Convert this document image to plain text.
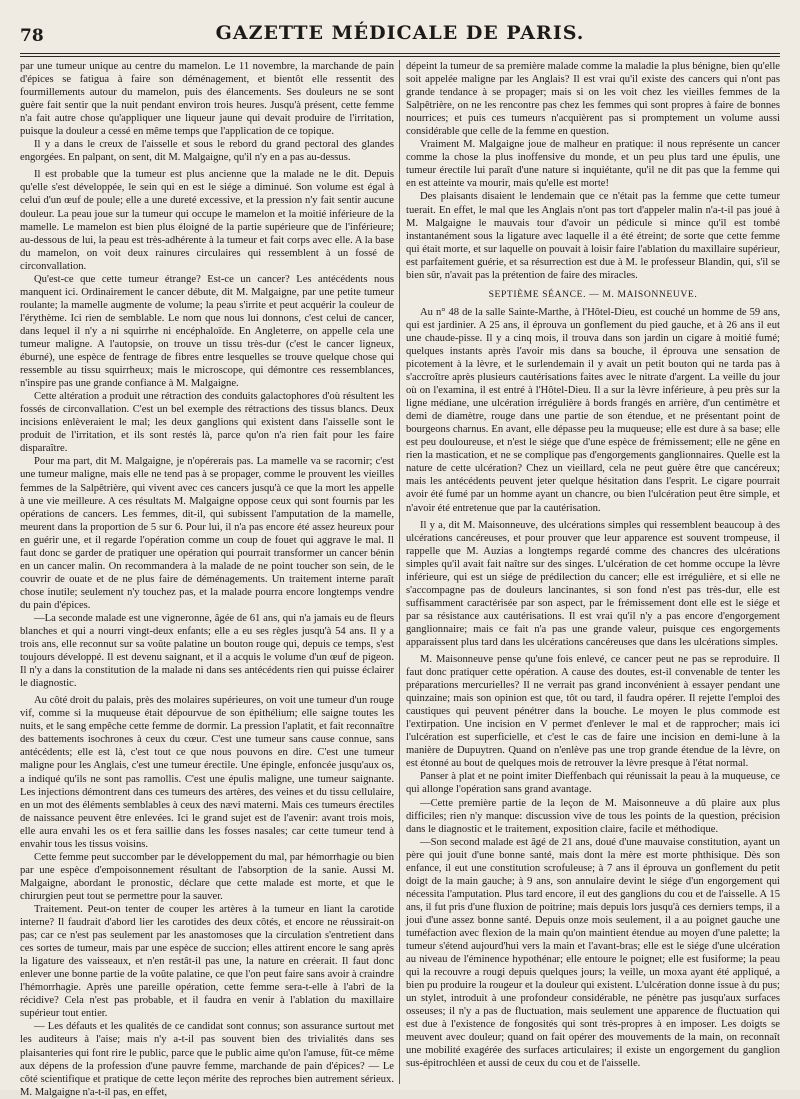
78	GAZETTE MÉDICALE DE PARIS.

par une tumeur unique au centre du mamelon. Le 11 novembre, la marchande de pain d'épices se fatigua à faire son déménagement, et bientôt elle ressentit des fourmillements autour du mamelon, puis des élancements. Ses douleurs ne se sont guère fait sentir que la nuit pendant environ trois heures. Jusqu'à présent, cette femme n'a fait autre chose qu'appliquer une liqueur jaune qui devait produire de l'irritation, puisque la douleur a cessé en même temps que l'application de ce topique.

Il y a dans le creux de l'aisselle et sous le rebord du grand pectoral des glandes engorgées. En palpant, on sent, dit M. Malgaigne, qu'il n'y en a pas au-dessus.

Il est probable que la tumeur est plus ancienne que la malade ne le dit. Depuis qu'elle s'est développée, le sein qui en est le siége a diminué. Son volume est égal à celui d'un œuf de poule; elle a une dureté excessive, et la pression n'y fait sentir aucune douleur. La peau joue sur la tumeur qui occupe le mamelon et la moitié inférieure de la mamelle. Le mamelon est bien plus éloigné de la partie supérieure que de l'inférieure; au-dessous de lui, la peau est très-adhérente à la tumeur et fait corps avec elle. A la base du mamelon, on voit deux rainures circulaires qui ressemblent à un fossé de circonvallation.

Qu'est-ce que cette tumeur étrange? Est-ce un cancer? Les antécédents nous manquent ici. Ordinairement le cancer débute, dit M. Malgaigne, par une petite tumeur roulante; la mamelle augmente de volume; la peau s'irrite et peut acquérir la couleur de l'érythème. Ici rien de semblable. Le nom que nous lui donnons, c'est celui de cancer, dans lequel il n'y a ni squirrhe ni encéphaloïde. En Angleterre, on appelle cela une tumeur maligne. A l'autopsie, on trouve un tissu très-dur (c'est le cancer ligneux, éburné), une espèce de fentrage de fibres entre lesquelles se trouve quelque chose qui ressemble au tissu squirrheux; mais le microscope, qui démontre ces ressemblances, n'inspire pas une grande confiance à M. Malgaigne.

Cette altération a produit une rétraction des conduits galactophores d'où résultent les fossés de circonvallation. C'est un bel exemple des rétractions des tissus blancs. Deux incisions enlèveraient le mal; les deux ganglions qui existent dans l'aisselle sont le produit de l'irritation, et ils sont restés là, parce qu'on n'a rien fait pour les faire disparaître.

Pour ma part, dit M. Malgaigne, je n'opérerais pas. La mamelle va se racornir; c'est une tumeur maligne, mais elle ne tend pas à se propager, comme le prouvent les vieilles femmes de la Salpêtrière, qui vivent avec ces cancers jusqu'à ce que la mort les appelle à une vie meilleure. A ces résultats M. Malgaigne oppose ceux qui sont fournis par les opérations de cancers. Les femmes, dit-il, qui subissent l'amputation de la mamelle, meurent dans la proportion de 5 sur 6. Pour lui, il n'a pas encore été assez heureux pour en guérir une, et il regarde l'opération comme un coup de fouet qui aggrave le mal. Il faut donc se garder de pratiquer une opération qui pourrait transformer un cancer bénin en un cancer malin. On recommandera à la malade de ne point toucher son sein, de le couvrir de ouate et de ne plus faire de déménagements. Un traitement interne paraît chose inutile; seulement n'y touchez pas, et la malade pourra encore longtemps vendre du pain d'épices.

—La seconde malade est une vigneronne, âgée de 61 ans, qui n'a jamais eu de fleurs blanches et qui a nourri vingt-deux enfants; elle a eu ses règles jusqu'à 54 ans. Il y a trois ans, elle reconnut sur sa voûte palatine un bouton rouge qui, depuis ce temps, s'est toujours développé. Il est devenu saignant, et il a acquis le volume d'un œuf de pigeon. Il n'y a dans la constitution de la malade ni dans ses antécédents rien qui puisse éclairer le diagnostic.

Au côté droit du palais, près des molaires supérieures, on voit une tumeur d'un rouge vif, comme si la muqueuse était dépourvue de son épithélium; elle saigne toutes les nuits, et le sang empêche cette femme de dormir. La pression l'aplatit, et fait reconnaître des battements isochrones à ceux du cœur. C'est une tumeur sans cause connue, sans antécédents; elle est là, c'est tout ce que nous pouvons en dire. C'est une tumeur maligne pour les Anglais, c'est une tumeur érectile. Une épingle, enfoncée jusqu'aux os, a indiqué qu'ils ne sont pas ramollis. C'est une épulis maligne, une tumeur saignante. Les injections démontrent dans ces tumeurs des artères, des veines et du tissu cellulaire, en un mot des éléments semblables à ceux des nævi materni. Mais ces tumeurs érectiles de naissance peuvent être enlevées. Ici le grand sujet est de l'avenir: avant trois mois, elle aura envahi les os et fera saillie dans les fosses nasales; car cette tumeur tend à envahir tous les tissus voisins.

Cette femme peut succomber par le développement du mal, par hémorrhagie ou bien par une espèce d'empoisonnement résultant de l'absorption de la sanie. Aussi M. Malgaigne, abordant le pronostic, déclare que cette malade est morte, et que le chirurgien peut tout se permettre pour la sauver.

Traitement. Peut-on tenter de couper les artères à la tumeur en liant la carotide interne? Il faudrait d'abord lier les carotides des deux côtés, et encore ne réussirait-on pas; car ce n'est pas seulement par les anastomoses que la circulation s'entretient dans ces sortes de tumeur, mais par une espèce de succion; elles attirent encore le sang après la ligature des vaisseaux, et n'en restât-il pas une, la nature en créerait. Il faut donc enlever une bonne partie de la voûte palatine, ce que l'on peut faire sans avoir à craindre l'hémorrhagie. Après une pareille opération, cette femme sera-t-elle à l'abri de la récidive? Cela n'est pas probable, et il faudra en venir à l'ablation du maxillaire supérieur tout entier.

— Les défauts et les qualités de ce candidat sont connus; son assurance surtout met les auditeurs à l'aise; mais n'y a-t-il pas souvent bien des trivialités dans ses plaisanteries qui font rire le public, parce que le public aime qu'on l'amuse, fût-ce même aux dépens de la profession d'une pauvre femme, marchande de pain d'épices? — Le côté scientifique et pratique de cette leçon mérite des reproches bien autrement sérieux. M. Malgaigne n'a-t-il pas, en effet,

dépeint la tumeur de sa première malade comme la maladie la plus bénigne, bien qu'elle soit appelée maligne par les Anglais? Il est vrai qu'il existe des cancers qui n'ont pas grande tendance à se propager; mais si on les voit chez les vieilles femmes de la Salpêtrière, on ne les rencontre pas chez les femmes qui sont propres à faire de bonnes nourrices; et puis ces tumeurs n'acquièrent pas si promptement un volume aussi considérable que celle de la femme en question.

Vraiment M. Malgaigne joue de malheur en pratique: il nous représente un cancer comme la chose la plus inoffensive du monde, et un peu plus tard une épulis, une tumeur érectile lui paraît d'une nature si inquiétante, qu'il ne dit pas que la femme qui en est atteinte va mourir, mais qu'elle est morte!

Des plaisants disaient le lendemain que ce n'était pas la femme que cette tumeur tuerait. En effet, le mal que les Anglais n'ont pas tort d'appeler malin n'a-t-il pas joué à M. Malgaigne le mauvais tour d'avoir un pédicule si mince qu'il est tombé instantanément sous la ligature avec laquelle il a été étreint; de sorte que cette femme qui était morte, et sur laquelle on pouvait à loisir faire l'ablation du maxillaire supérieur, est parfaitement guérie, et sa résurrection est due à M. le professeur Blandin, qui, s'il se bien sûr, n'avait pas la prétention de faire des miracles.

SEPTIÈME SÉANCE. — M. MAISONNEUVE.

Au n° 48 de la salle Sainte-Marthe, à l'Hôtel-Dieu, est couché un homme de 59 ans, qui est jardinier. A 25 ans, il éprouva un gonflement du pied gauche, et à 26 ans il eut une chaude-pisse. Il y a cinq mois, il trouva dans son jardin un cigare à moitié fumé; quelques instants après l'avoir mis dans sa bouche, il éprouva une sensation de picotement à la lèvre, et le surlendemain il y avait un petit bouton qui ne tarda pas à s'accroître après plusieurs cautérisations faites avec le nitrate d'argent. La veille du jour où on l'examina, il est entré à l'Hôtel-Dieu. Il a sur la lèvre inférieure, à peu près sur la ligne médiane, une ulcération irrégulière à bords frangés en arrière, d'un centimètre et demi de diamètre, rouge dans une partie de son étendue, et ne présentant point de bourgeons charnus. En avant, elle dépasse peu la muqueuse; elle est dure à sa base; elle est peu douloureuse, et n'est le siége que d'une espèce de frémissement; elle ne gêne en rien la mastication, et ne se complique pas d'engorgements ganglionnaires. Quelle est la nature de cette ulcération? Chez un vieillard, cela ne peut guère être que cancéreux; mais les antécédents peuvent jeter quelque hésitation dans l'esprit. Le cigare pourrait avoir été fumé par un homme ayant un chancre, ou bien l'ulcération peut être simple, et n'avoir été entretenue que par la cautérisation.

Il y a, dit M. Maisonneuve, des ulcérations simples qui ressemblent beaucoup à des ulcérations cancéreuses, et pour prouver que leur apparence est souvent trompeuse, il rappelle que M. Auzias a longtemps regardé comme des chancres des ulcérations simples qu'il avait fait naître sur des singes. L'ulcération de cet homme occupe la lèvre inférieure, qui est un siége de prédilection du cancer; elle est irrégulière, et si elle ne s'accompagne pas de douleurs lancinantes, si son fond n'est pas très-dur, elle est suffisamment caractérisée par son aspect, par le frémissement dont elle est le siége et par sa résistance aux cautérisations. Il est vrai qu'il n'y a pas encore d'engorgement ganglionnaire; mais ce fait n'a pas une grande valeur, puisque ces engorgements apparaissent plus tard dans les ulcérations cancéreuses que dans les ulcérations simples.

M. Maisonneuve pense qu'une fois enlevé, ce cancer peut ne pas se reproduire. Il faut donc pratiquer cette opération. A cause des doutes, est-il convenable de tenter les préparations mercurielles? Il ne verrait pas grand inconvénient à essayer pendant une quinzaine; mais son opinion est que, tôt ou tard, il faudra opérer. Il rejette l'emploi des caustiques qui peuvent pénétrer dans la bouche. Le moyen le plus commode est l'extirpation. Une incision en V permet d'enlever le mal et de rapprocher; mais ici l'ulcération est superficielle, et c'est le cas de faire une incision en demi-lune à la manière de Dupuytren. Quand on n'enlève pas une trop grande étendue de la lèvre, on est étonné au bout de quelques mois de retrouver la lèvre presque à l'état normal.

Panser à plat et ne point imiter Dieffenbach qui réunissait la peau à la muqueuse, ce qui allonge l'opération sans grand avantage.

—Cette première partie de la leçon de M. Maisonneuve a dû plaire aux plus difficiles; rien n'y manque: discussion vive de tous les points de la question, précision dans le diagnostic et le traitement, exposition claire, facile et méthodique.

—Son second malade est âgé de 21 ans, doué d'une mauvaise constitution, ayant un père qui jouit d'une bonne santé, mais dont la mère est morte phthisique. Dès son enfance, il eut une constitution scrofuleuse; à 7 ans il éprouva un gonflement du petit doigt de la main gauche; à 9 ans, son annulaire devint le siége d'un engorgement qui nécessita l'amputation. Plus tard encore, il eut des ganglions du cou et de l'aisselle. A 15 ans, il fut pris d'une fluxion de poitrine; mais depuis lors jusqu'à ces derniers temps, il a joui d'une assez bonne santé. Depuis onze mois seulement, il a au poignet gauche une tuméfaction avec flexion de la main qu'on maintient étendue au moyen d'une palette; la tumeur s'étend aujourd'hui vers la main et l'avant-bras; elle est le siége d'une ulcération au niveau de l'éminence hypothénar; elle entoure le poignet; elle est fusiforme; la peau qui la recouvre a rougi depuis quelques jours; la veille, un moxa ayant été appliqué, a bien pu produire la rougeur et la douleur qui existent. L'ulcération donne issue à du pus; un stylet, introduit à une profondeur considérable, ne pénètre pas jusqu'aux surfaces osseuses; il n'y a pas de fluctuation, mais seulement une apparence de fluctuation qui est due à l'existence de fongosités qui sont très-propres à en imposer. Les doigts se meuvent avec douleur; quand on fait opérer des mouvements de la main, on reconnaît une mobilité exagérée des surfaces articulaires; il existe un engorgement du ganglion sus-épitrochléen et aussi de ceux du cou et de l'aisselle.
